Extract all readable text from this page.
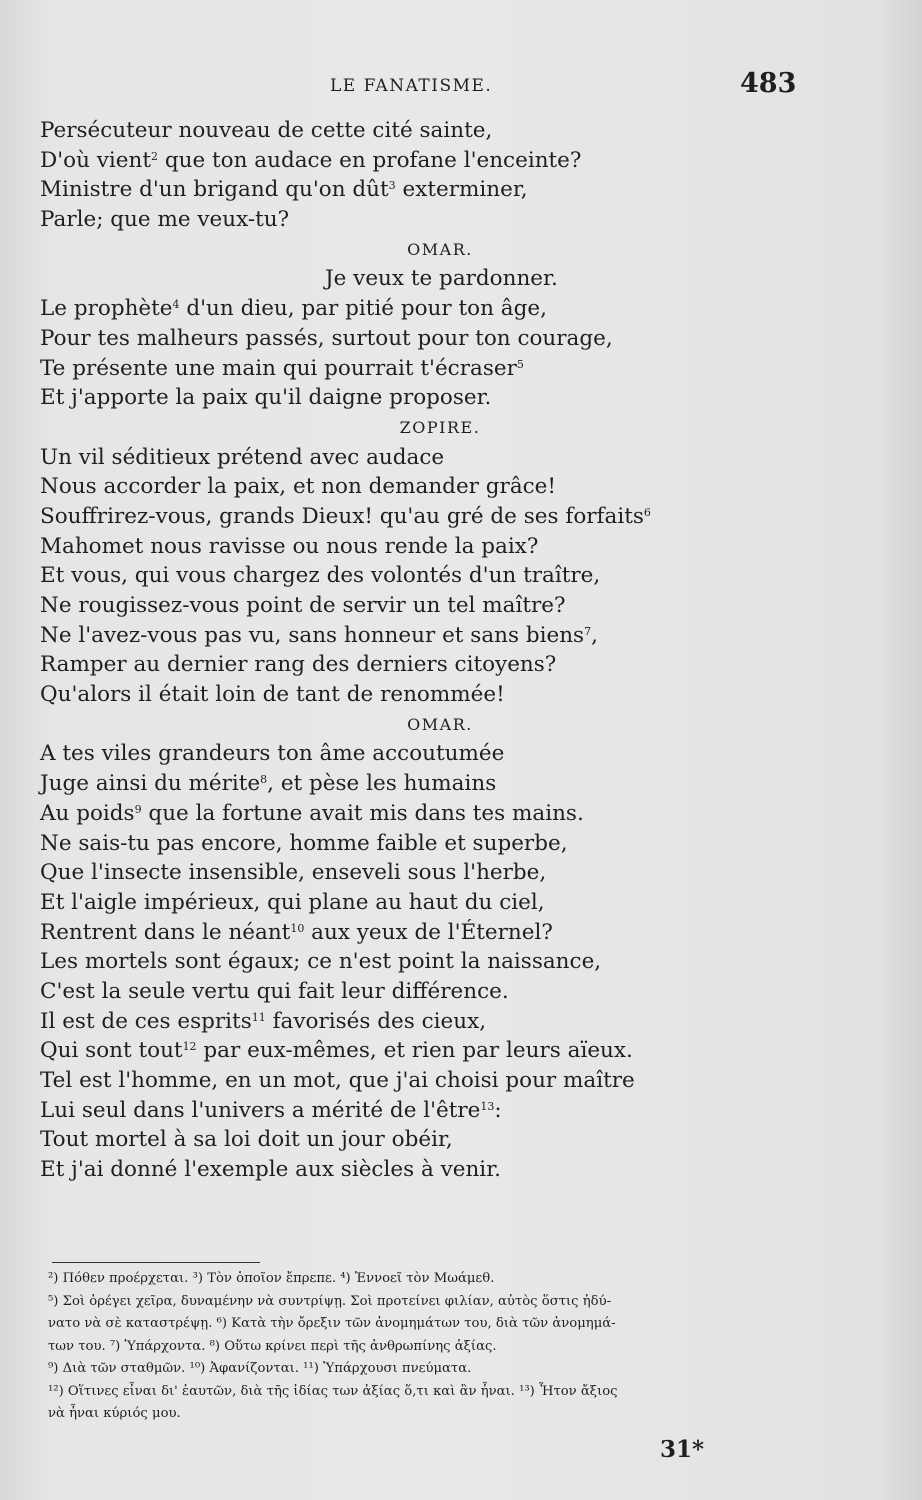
LE FANATISME.	483
Persécuteur nouveau de cette cité sainte,
D'où vient$^2$ que ton audace en profane l'enceinte?
Ministre d'un brigand qu'on dût$^3$ exterminer,
Parle; que me veux-tu?
OMAR.
Je veux te pardonner.
Le prophète$^4$ d'un dieu, par pitié pour ton âge,
Pour tes malheurs passés, surtout pour ton courage,
Te présente une main qui pourrait t'écraser$^5$
Et j'apporte la paix qu'il daigne proposer.
ZOPIRE.
Un vil séditieux prétend avec audace
Nous accorder la paix, et non demander grâce!
Souffrirez-vous, grands Dieux! qu'au gré de ses forfaits$^6$
Mahomet nous ravisse ou nous rende la paix?
Et vous, qui vous chargez des volontés d'un traître,
Ne rougissez-vous point de servir un tel maître?
Ne l'avez-vous pas vu, sans honneur et sans biens$^7$,
Ramper au dernier rang des derniers citoyens?
Qu'alors il était loin de tant de renommée!
OMAR.
A tes viles grandeurs ton âme accoutumée
Juge ainsi du mérite$^8$, et pèse les humains
Au poids$^9$ que la fortune avait mis dans tes mains.
Ne sais-tu pas encore, homme faible et superbe,
Que l'insecte insensible, enseveli sous l'herbe,
Et l'aigle impérieux, qui plane au haut du ciel,
Rentrent dans le néant$^{10}$ aux yeux de l'Éternel?
Les mortels sont égaux; ce n'est point la naissance,
C'est la seule vertu qui fait leur différence.
Il est de ces esprits$^{11}$ favorisés des cieux,
Qui sont tout$^{12}$ par eux-mêmes, et rien par leurs aïeux.
Tel est l'homme, en un mot, que j'ai choisi pour maître
Lui seul dans l'univers a mérité de l'être$^{13}$:
Tout mortel à sa loi doit un jour obéir,
Et j'ai donné l'exemple aux siècles à venir.
²) Πόθεν προέρχεται. ³) Τὸν ὁποῖον ἔπρεπε. ⁴) Ἐννοεῖ τὸν Μωάμεθ.
⁵) Σοὶ ὀρέγει χεῖρα, δυναμένην νὰ συντρίψῃ. Σοὶ προτείνει φιλίαν, αὐτὸς ὅστις ἠδύ-
νατο νὰ σὲ καταστρέψῃ. ⁶) Κατὰ τὴν ὄρεξιν τῶν ἀνομημάτων του, διὰ τῶν ἀνομημά-
των του. ⁷) Ὑπάρχοντα. ⁸) Οὕτω κρίνει περὶ τῆς ἀνθρωπίνης ἀξίας.
⁹) Διὰ τῶν σταθμῶν. ¹⁰) Ἀφανίζονται. ¹¹) Ὑπάρχουσι πνεύματα.
¹²) Οἵτινες εἶναι δι' ἑαυτῶν, διὰ τῆς ἰδίας των ἀξίας ὅ,τι καὶ ἂν ἦναι. ¹³) Ἦτον ἄξιος
νὰ ἦναι κύριός μου.
31*
